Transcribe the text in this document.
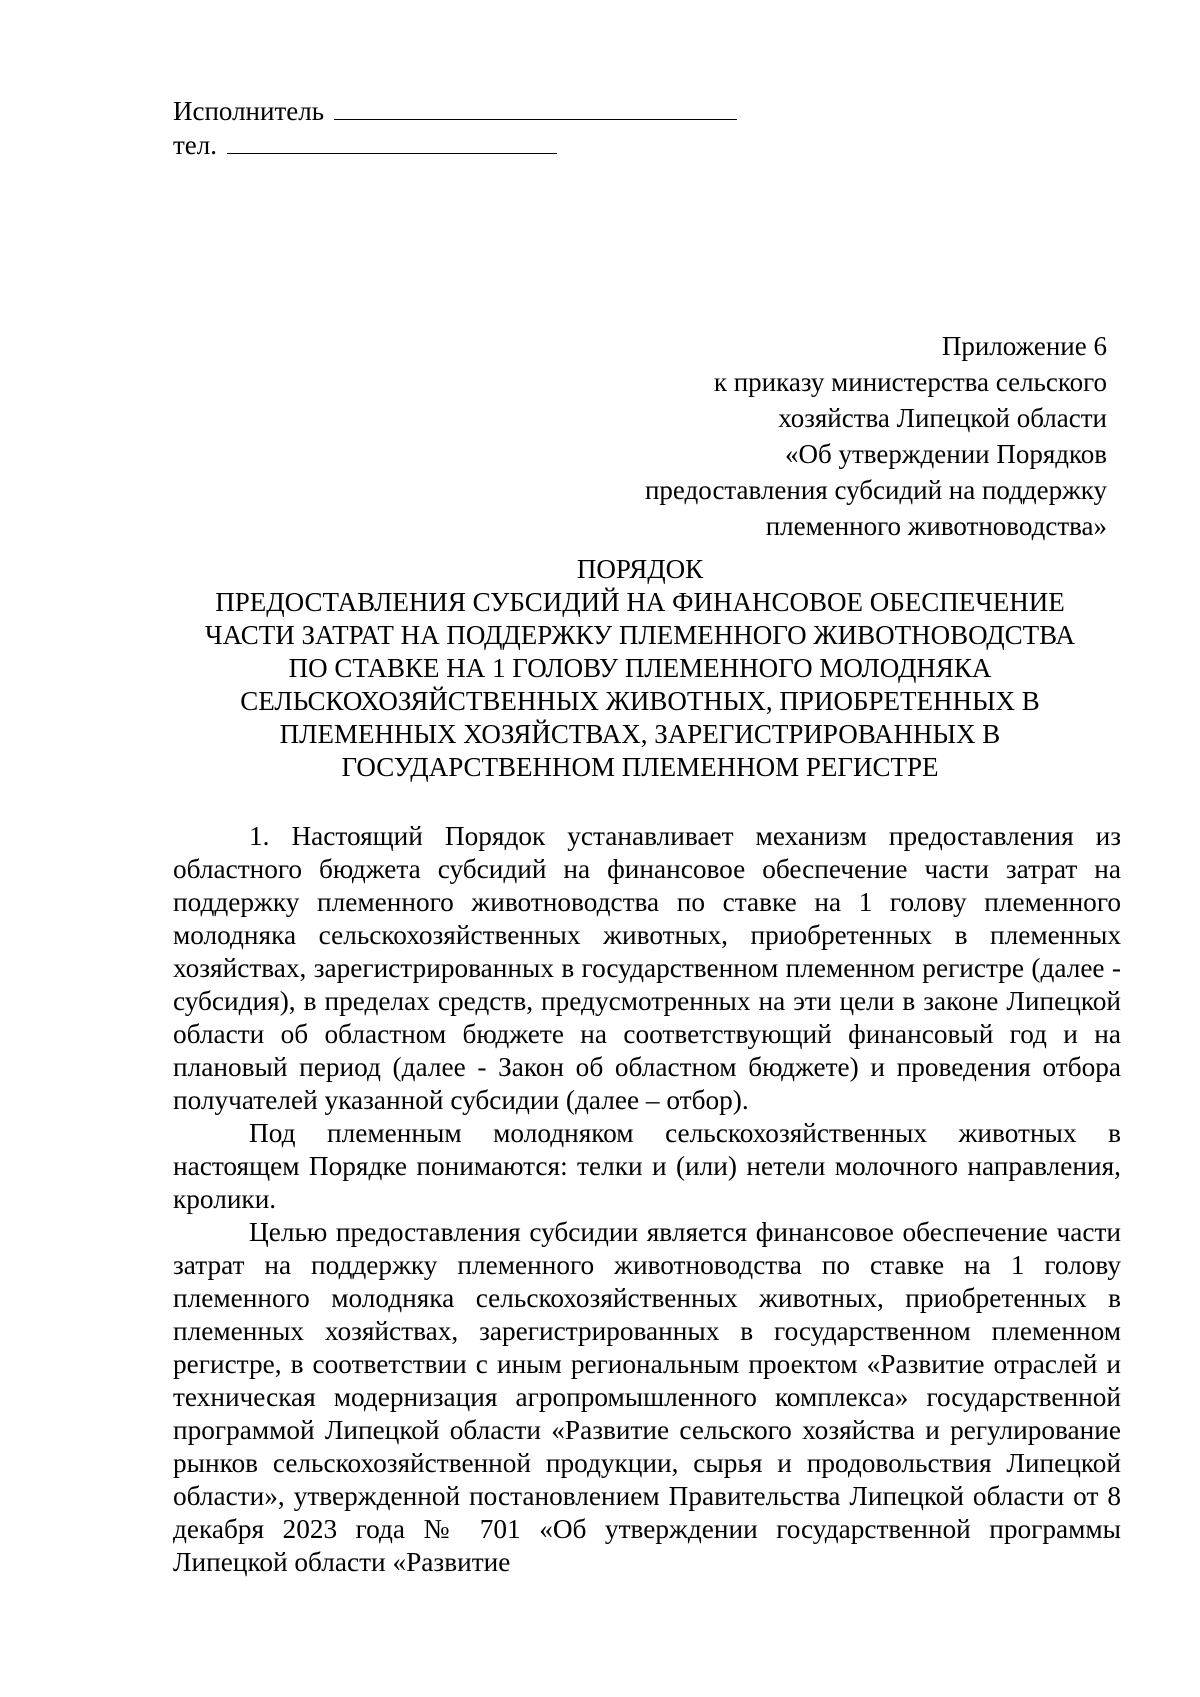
Исполнитель
тел.
Приложение 6
к приказу министерства сельского
хозяйства Липецкой области
«Об утверждении Порядков
предоставления субсидий на поддержку
племенного животноводства»
ПОРЯДОК
ПРЕДОСТАВЛЕНИЯ СУБСИДИЙ НА ФИНАНСОВОЕ ОБЕСПЕЧЕНИЕ
ЧАСТИ ЗАТРАТ НА ПОДДЕРЖКУ ПЛЕМЕННОГО ЖИВОТНОВОДСТВА
ПО СТАВКЕ НА 1 ГОЛОВУ ПЛЕМЕННОГО МОЛОДНЯКА
СЕЛЬСКОХОЗЯЙСТВЕННЫХ ЖИВОТНЫХ, ПРИОБРЕТЕННЫХ В
ПЛЕМЕННЫХ ХОЗЯЙСТВАХ, ЗАРЕГИСТРИРОВАННЫХ В
ГОСУДАРСТВЕННОМ ПЛЕМЕННОМ РЕГИСТРЕ

1. Настоящий Порядок устанавливает механизм предоставления из областного бюджета субсидий на финансовое обеспечение части затрат на поддержку племенного животноводства по ставке на 1 голову племенного молодняка сельскохозяйственных животных, приобретенных в племенных хозяйствах, зарегистрированных в государственном племенном регистре (далее - субсидия), в пределах средств, предусмотренных на эти цели в законе Липецкой области об областном бюджете на соответствующий финансовый год и на плановый период (далее - Закон об областном бюджете) и проведения отбора получателей указанной субсидии (далее – отбор).

Под племенным молодняком сельскохозяйственных животных в настоящем Порядке понимаются: телки и (или) нетели молочного направления, кролики.

Целью предоставления субсидии является финансовое обеспечение части затрат на поддержку племенного животноводства по ставке на 1 голову племенного молодняка сельскохозяйственных животных, приобретенных в племенных хозяйствах, зарегистрированных в государственном племенном регистре, в соответствии с иным региональным проектом «Развитие отраслей и техническая модернизация агропромышленного комплекса» государственной программой Липецкой области «Развитие сельского хозяйства и регулирование рынков сельскохозяйственной продукции, сырья и продовольствия Липецкой области», утвержденной постановлением Правительства Липецкой области от 8 декабря 2023 года № 701 «Об утверждении государственной программы Липецкой области «Развитие
